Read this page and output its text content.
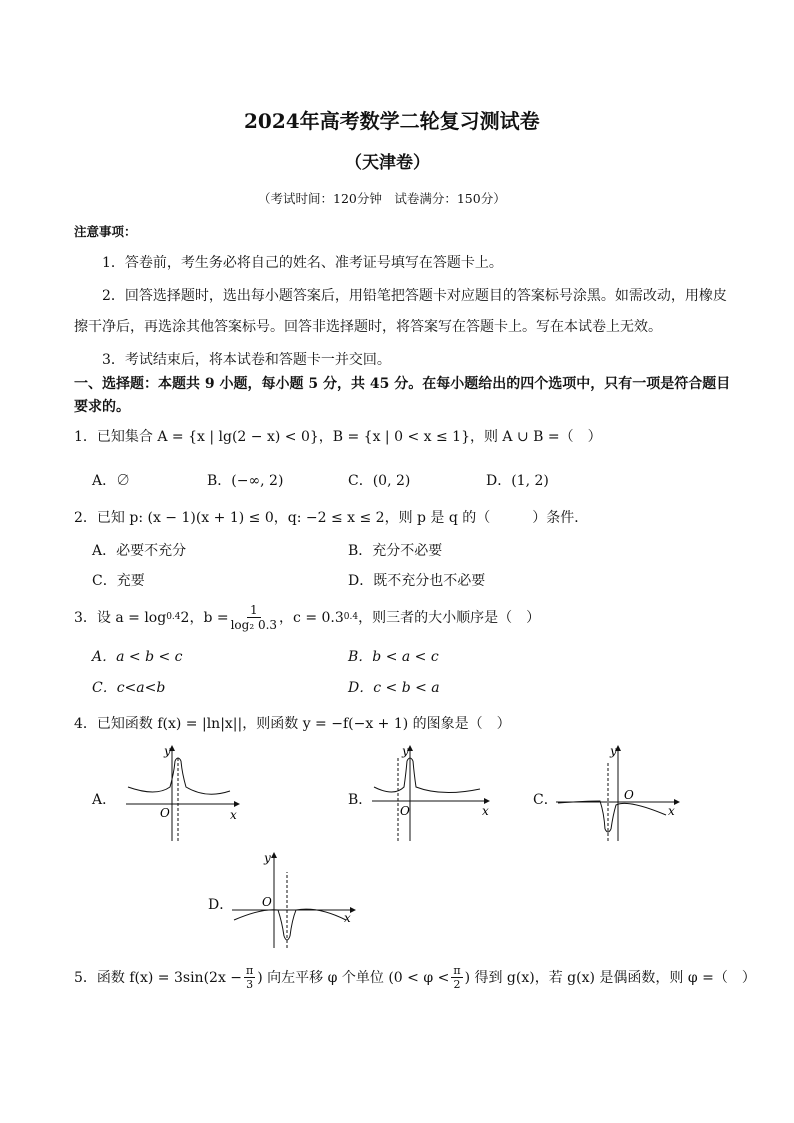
2024年高考数学二轮复习测试卷
（天津卷）
（考试时间：120分钟　试卷满分：150分）
注意事项：
1．答卷前，考生务必将自己的姓名、准考证号填写在答题卡上。
2．回答选择题时，选出每小题答案后，用铅笔把答题卡对应题目的答案标号涂黑。如需改动，用橡皮
擦干净后，再选涂其他答案标号。回答非选择题时，将答案写在答题卡上。写在本试卷上无效。
3．考试结束后，将本试卷和答题卡一并交回。
一、选择题：本题共 9 小题，每小题 5 分，共 45 分。在每小题给出的四个选项中，只有一项是符合题目
要求的。
1．已知集合 A = {x | lg(2 − x) < 0}，B = {x | 0 < x ≤ 1}，则 A ∪ B =（　）
A．∅	B．(−∞, 2)	C．(0, 2)	D．(1, 2)
2．已知 p: (x − 1)(x + 1) ≤ 0，q: −2 ≤ x ≤ 2，则 p 是 q 的（　　　）条件．
A．必要不充分	B．充分不必要
C．充要	D．既不充分也不必要
3．设 a = log 0.4 2，$b = \frac{1}{\text{log₂ 0.3}}$ ，c = 0.3 0.4 ，则三者的大小顺序是（　）
A．a < b < c	B．b < a < c
C．c<a<b	D．c < b < a
4．已知函数 f(x) = |ln|x||，则函数 y = −f(−x + 1) 的图象是（　）
A．
y
O	x
B．
y
O	x
C．
y
O
x
D．
y
O
x
5．函数 $f(x) = 3\sin(2x - \frac{\pi}{3}$ ) 向左平移 φ 个单位 ($0 < \varphi < \frac{\pi}{2}$ ) 得到 g(x)，若 g(x) 是偶函数，则 φ =（　）
